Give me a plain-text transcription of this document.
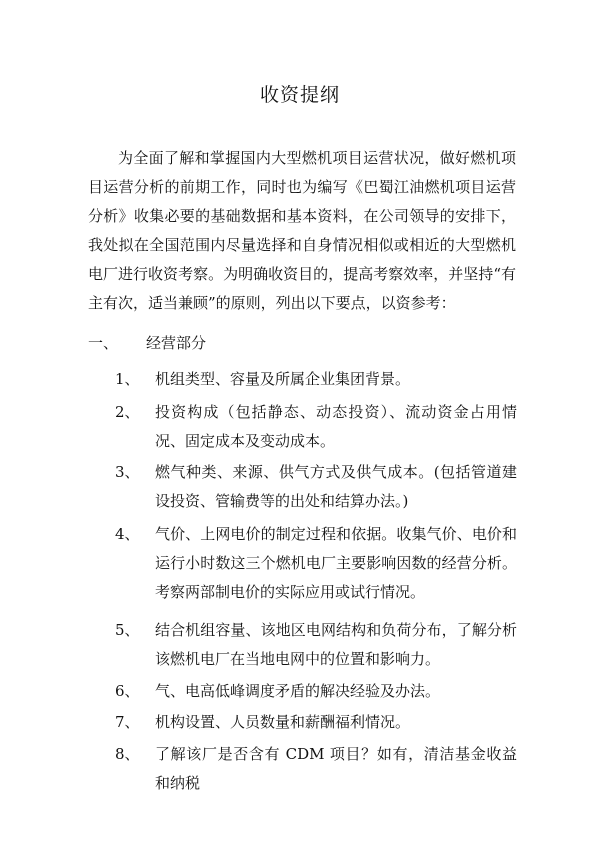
收资提纲

为全面了解和掌握国内大型燃机项目运营状况，做好燃机项目运营分析的前期工作，同时也为编写《巴蜀江油燃机项目运营分析》收集必要的基础数据和基本资料，在公司领导的安排下，我处拟在全国范围内尽量选择和自身情况相似或相近的大型燃机电厂进行收资考察。为明确收资目的，提高考察效率，并坚持“有主有次，适当兼顾”的原则，列出以下要点，以资参考：

一、 经营部分
1、 机组类型、容量及所属企业集团背景。
2、 投资构成（包括静态、动态投资）、流动资金占用情况、固定成本及变动成本。
3、 燃气种类、来源、供气方式及供气成本。(包括管道建设投资、管输费等的出处和结算办法。)
4、 气价、上网电价的制定过程和依据。收集气价、电价和运行小时数这三个燃机电厂主要影响因数的经营分析。考察两部制电价的实际应用或试行情况。
5、 结合机组容量、该地区电网结构和负荷分布，了解分析该燃机电厂在当地电网中的位置和影响力。
6、 气、电高低峰调度矛盾的解决经验及办法。
7、 机构设置、人员数量和薪酬福利情况。
8、 了解该厂是否含有 CDM 项目？如有，清洁基金收益和纳税
